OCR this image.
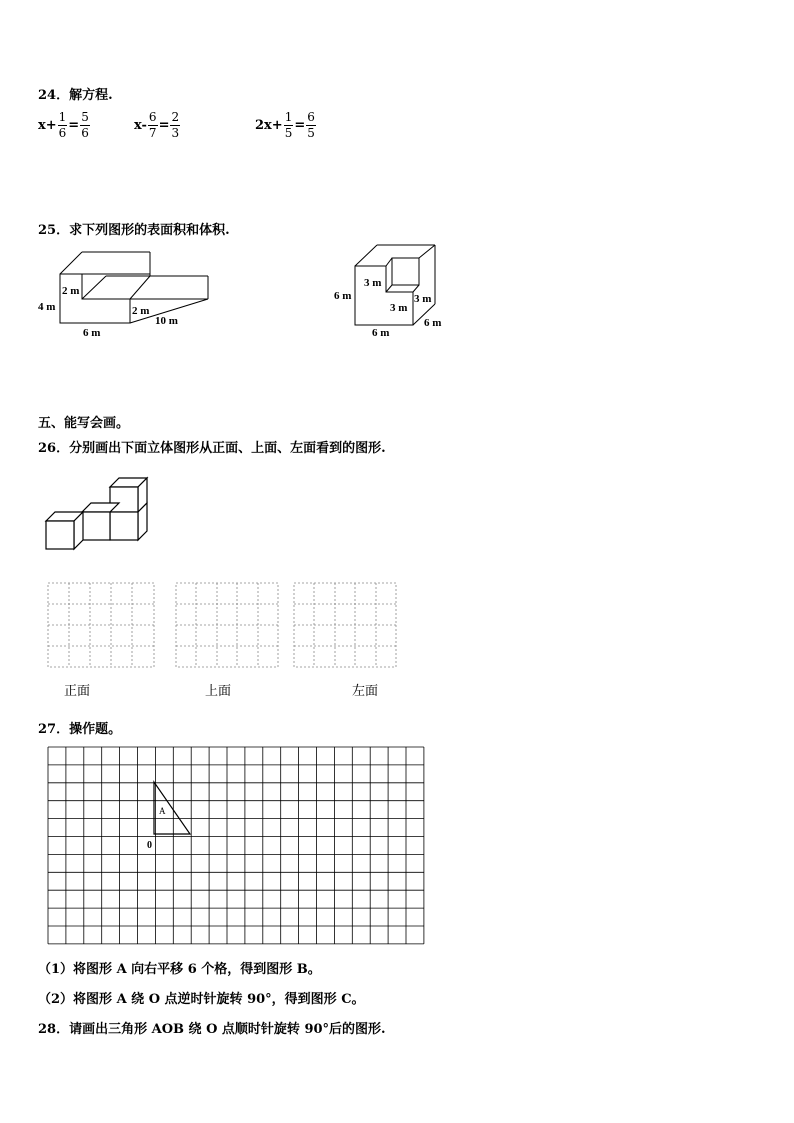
24．解方程.
$x+ \frac{1}{6} = \frac{5}{6}$	$x- \frac{6}{7} = \frac{2}{3}$	$2x+ \frac{1}{5} = \frac{6}{5}$
25．求下列图形的表面积和体积.
4 m
2 m
2 m
10 m
6 m
6 m
3 m
3 m
3 m
6 m
6 m
五、能写会画。
26．分别画出下面立体图形从正面、上面、左面看到的图形.
正面	上面	左面
27．操作题。
A
0
（1）将图形 A 向右平移 6 个格，得到图形 B。
（2）将图形 A 绕 O 点逆时针旋转 90°，得到图形 C。
28．请画出三角形 AOB 绕 O 点顺时针旋转 90°后的图形.
